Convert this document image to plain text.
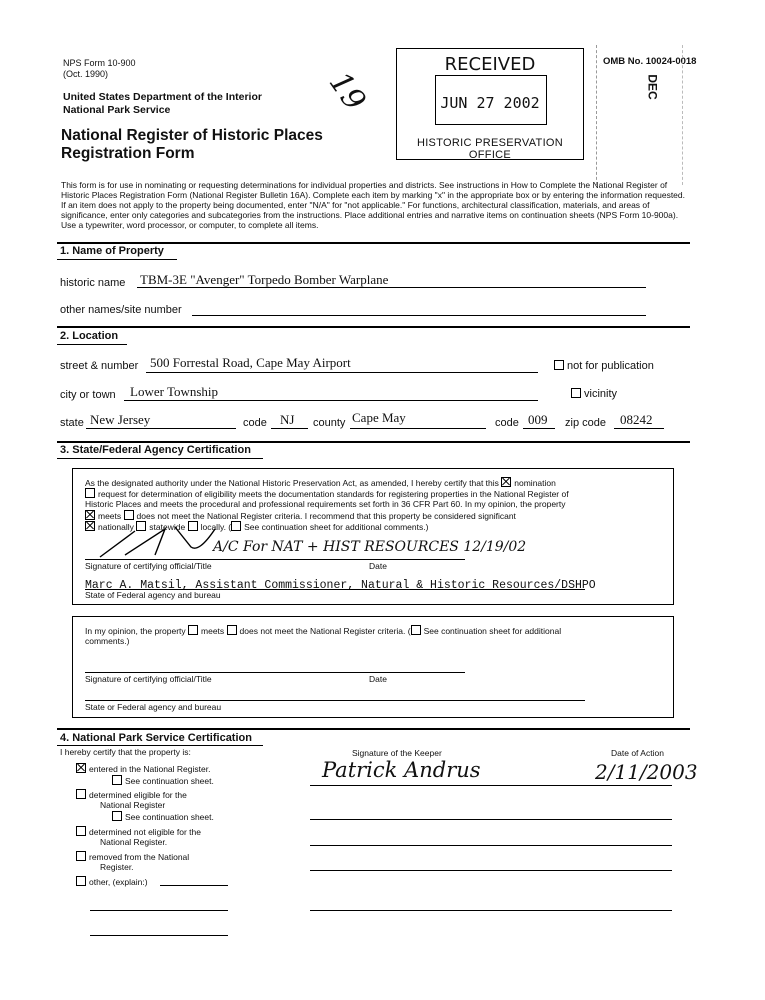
NPS Form 10-900
(Oct. 1990)
United States Department of the Interior
National Park Service
National Register of Historic Places
Registration Form
19
OMB No. 10024-0018
RECEIVED
JUN 27 2002
HISTORIC PRESERVATION OFFICE
DEC
This form is for use in nominating or requesting determinations for individual properties and districts. See instructions in How to Complete the National Register of Historic Places Registration Form (National Register Bulletin 16A). Complete each item by marking "x" in the appropriate box or by entering the information requested. If an item does not apply to the property being documented, enter "N/A" for "not applicable." For functions, architectural classification, materials, and areas of significance, enter only categories and subcategories from the instructions. Place additional entries and narrative items on continuation sheets (NPS Form 10-900a). Use a typewriter, word processor, or computer, to complete all items.
1. Name of Property
historic name TBM-3E "Avenger" Torpedo Bomber Warplane
other names/site number
2. Location
street & number 500 Forrestal Road, Cape May Airport	not for publication
city or town Lower Township	vicinity
state New Jersey	code NJ county Cape May	code 009 zip code 08242
3. State/Federal Agency Certification
As the designated authority under the National Historic Preservation Act, as amended, I hereby certify that this nomination
request for determination of eligibility meets the documentation standards for registering properties in the National Register of
Historic Places and meets the procedural and professional requirements set forth in 36 CFR Part 60. In my opinion, the property
meets does not meet the National Register criteria. I recommend that this property be considered significant
nationally statewide locally. ( See continuation sheet for additional comments.)
A/C For NAT + HIST RESOURCES 12/19/02
Signature of certifying official/Title	Date
Marc A. Matsil, Assistant Commissioner, Natural & Historic Resources/DSHPO
State of Federal agency and bureau
In my opinion, the property meets does not meet the National Register criteria. ( See continuation sheet for additional
comments.)
Signature of certifying official/Title	Date
State or Federal agency and bureau
4. National Park Service Certification
I hereby certify that the property is:
entered in the National Register.
See continuation sheet.
determined eligible for the
National Register
See continuation sheet.
determined not eligible for the
National Register.
removed from the National
Register.
other, (explain:)
Signature of the Keeper	Date of Action
Patrick Andrus	2/11/2003
